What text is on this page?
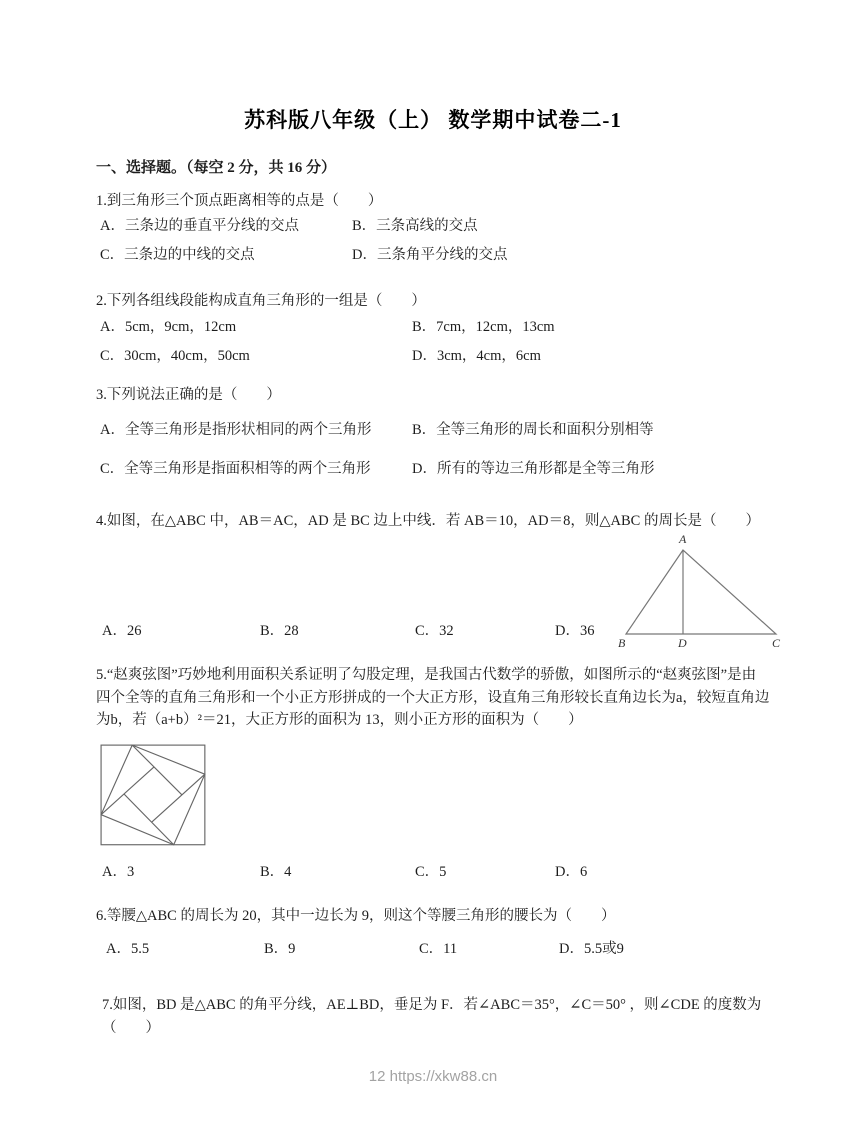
苏科版八年级（上） 数学期中试卷二-1
一、选择题。（每空 2 分，共 16 分）
1.到三角形三个顶点距离相等的点是（　　）
A．三条边的垂直平分线的交点	B．三条高线的交点
C．三条边的中线的交点	D．三条角平分线的交点
2.下列各组线段能构成直角三角形的一组是（　　）
A．5cm，9cm，12cm	B．7cm，12cm，13cm
C．30cm，40cm，50cm	D．3cm，4cm，6cm
3.下列说法正确的是（　　）
A．全等三角形是指形状相同的两个三角形	B．全等三角形的周长和面积分别相等
C．全等三角形是指面积相等的两个三角形	D．所有的等边三角形都是全等三角形
4.如图，在△ABC 中，AB＝AC，AD 是 BC 边上中线．若 AB＝10，AD＝8，则△ABC 的周长是（　　）
A
B	D	C
A．26	B．28	C．32	D．36
5.“赵爽弦图”巧妙地利用面积关系证明了勾股定理，是我国古代数学的骄傲，如图所示的“赵爽弦图”是由四个全等的直角三角形和一个小正方形拼成的一个大正方形，设直角三角形较长直角边长为a，较短直角边为b，若（a+b）²＝21，大正方形的面积为 13，则小正方形的面积为（　　）
A．3	B．4	C．5	D．6
6.等腰△ABC 的周长为 20，其中一边长为 9，则这个等腰三角形的腰长为（　　）
A．5.5	B．9	C．11	D．5.5或9
7.如图，BD 是△ABC 的角平分线，AE⊥BD，垂足为 F．若∠ABC＝35°，∠C＝50° ，则∠CDE 的度数为（　　）
12 https://xkw88.cn
